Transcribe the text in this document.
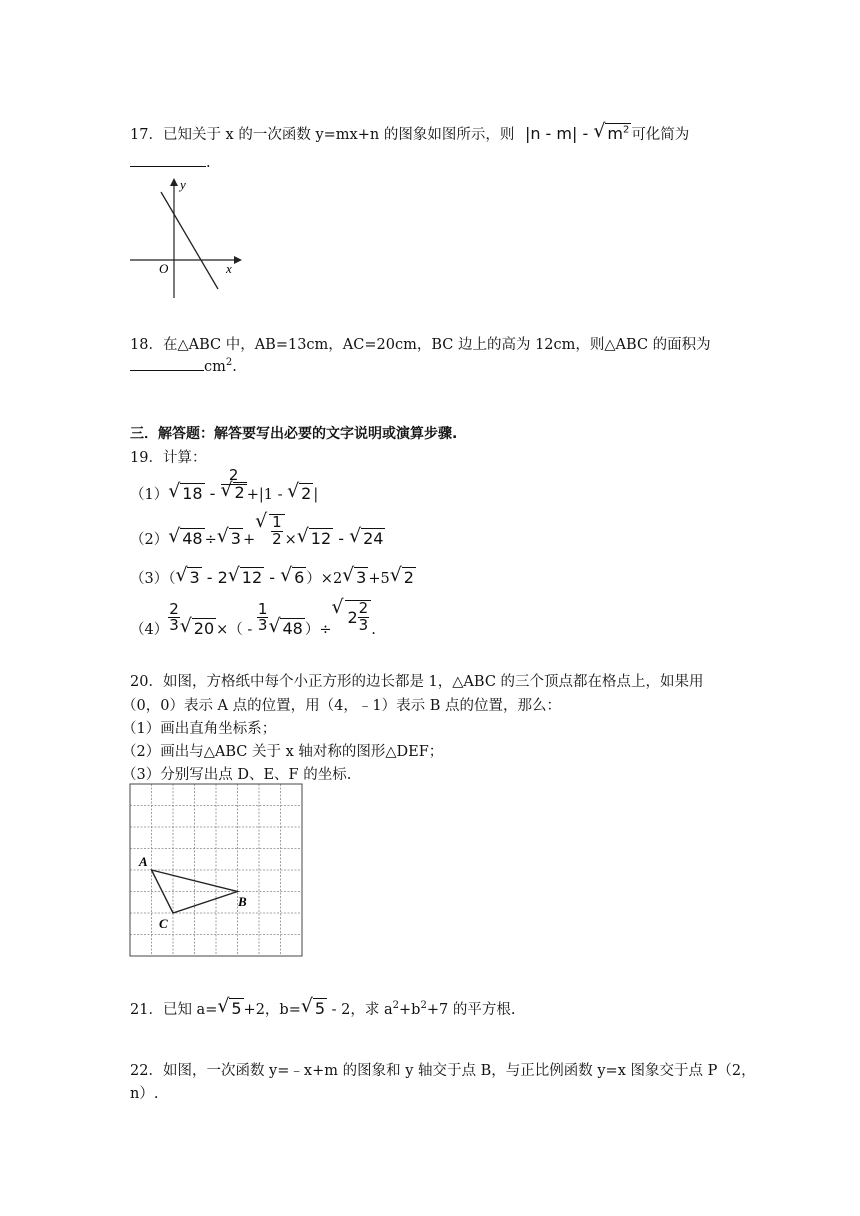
17．已知关于 x 的一次函数 y=mx+n 的图象如图所示，则 |n - m| - √ $m^2$ 可化简为
.
y
x
O
18．在△ABC 中，AB=13cm，AC=20cm，BC 边上的高为 12cm，则△ABC 的面积为
$cm^2$.
三．解答题：解答要写出必要的文字说明或演算步骤.
19．计算：
（1） √ 18 - 2
√ 2 +|1 - √ 2 |
（2） √ 48 ÷ √ 3 + √ $\frac{1}{2}$ × √ 12 - √ 24
（3）（ √ 3 - 2 √ 12 - √ 6 ）×2 √ 3 +5 √ 2
$(4) \frac{2}{3}$ √ 20 ×（ - $\frac{1}{3}$ √ 48 ）÷√ $2 \frac{2}{3}$ .
20．如图，方格纸中每个小正方形的边长都是 1，△ABC 的三个顶点都在格点上，如果用
（0，0）表示 A 点的位置，用（4，﹣1）表示 B 点的位置，那么：
（1）画出直角坐标系；
（2）画出与△ABC 关于 x 轴对称的图形△DEF；
（3）分别写出点 D、E、F 的坐标.
A
B
C
21．已知 a= √ 5 +2，b= √ 5 - 2，求 $a^2+b^2+7$ 的平方根.
22．如图，一次函数 y=﹣x+m 的图象和 y 轴交于点 B，与正比例函数 y=x 图象交于点 P（2，
n）.
